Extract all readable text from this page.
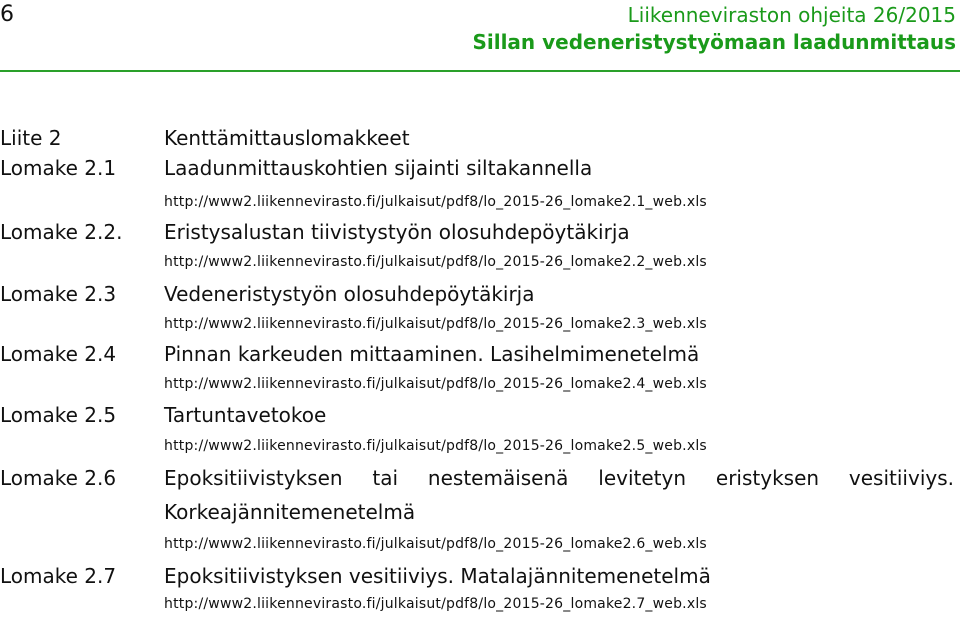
6	Liikenneviraston ohjeita 26/2015
Sillan vedeneristystyömaan laadunmittaus
Liite 2	Kenttämittauslomakkeet
Lomake 2.1 Laadunmittauskohtien sijainti siltakannella
http://www2.liikennevirasto.fi/julkaisut/pdf8/lo_2015-26_lomake2.1_web.xls
Lomake 2.2. Eristysalustan tiivistystyön olosuhdepöytäkirja
http://www2.liikennevirasto.fi/julkaisut/pdf8/lo_2015-26_lomake2.2_web.xls
Lomake 2.3 Vedeneristystyön olosuhdepöytäkirja
http://www2.liikennevirasto.fi/julkaisut/pdf8/lo_2015-26_lomake2.3_web.xls
Lomake 2.4 Pinnan karkeuden mittaaminen. Lasihelmimenetelmä
http://www2.liikennevirasto.fi/julkaisut/pdf8/lo_2015-26_lomake2.4_web.xls
Lomake 2.5 Tartuntavetokoe
http://www2.liikennevirasto.fi/julkaisut/pdf8/lo_2015-26_lomake2.5_web.xls
Lomake 2.6 Epoksitiivistyksen tai nestemäisenä levitetyn eristyksen vesitiiviys.
Korkeajännitemenetelmä
http://www2.liikennevirasto.fi/julkaisut/pdf8/lo_2015-26_lomake2.6_web.xls
Lomake 2.7 Epoksitiivistyksen vesitiiviys. Matalajännitemenetelmä
http://www2.liikennevirasto.fi/julkaisut/pdf8/lo_2015-26_lomake2.7_web.xls
